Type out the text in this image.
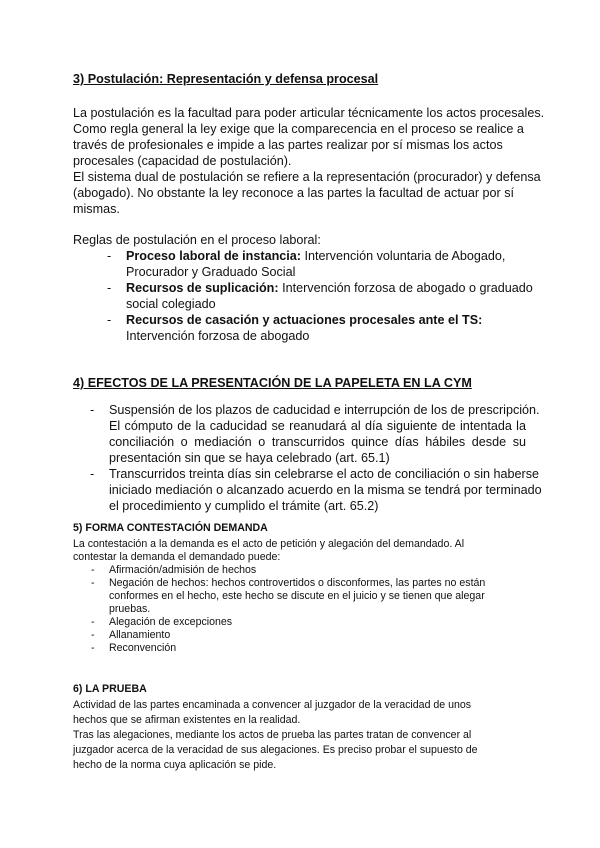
3) Postulación: Representación y defensa procesal
La postulación es la facultad para poder articular técnicamente los actos procesales.
Como regla general la ley exige que la comparecencia en el proceso se realice a
través de profesionales e impide a las partes realizar por sí mismas los actos
procesales (capacidad de postulación).
El sistema dual de postulación se refiere a la representación (procurador) y defensa
(abogado). No obstante la ley reconoce a las partes la facultad de actuar por sí
mismas.
Reglas de postulación en el proceso laboral:
- Proceso laboral de instancia: Intervención voluntaria de Abogado,
Procurador y Graduado Social
- Recursos de suplicación: Intervención forzosa de abogado o graduado
social colegiado
- Recursos de casación y actuaciones procesales ante el TS:
Intervención forzosa de abogado
4) EFECTOS DE LA PRESENTACIÓN DE LA PAPELETA EN LA CYM
- Suspensión de los plazos de caducidad e interrupción de los de prescripción.
El cómputo de la caducidad se reanudará al día siguiente de intentada la
conciliación o mediación o transcurridos quince días hábiles desde su
presentación sin que se haya celebrado (art. 65.1)
- Transcurridos treinta días sin celebrarse el acto de conciliación o sin haberse
iniciado mediación o alcanzado acuerdo en la misma se tendrá por terminado
el procedimiento y cumplido el trámite (art. 65.2)
5) FORMA CONTESTACIÓN DEMANDA
La contestación a la demanda es el acto de petición y alegación del demandado. Al
contestar la demanda el demandado puede:
- Afirmación/admisión de hechos
- Negación de hechos: hechos controvertidos o disconformes, las partes no están
conformes en el hecho, este hecho se discute en el juicio y se tienen que alegar
pruebas.
- Alegación de excepciones
- Allanamiento
- Reconvención
6) LA PRUEBA
Actividad de las partes encaminada a convencer al juzgador de la veracidad de unos
hechos que se afirman existentes en la realidad.
Tras las alegaciones, mediante los actos de prueba las partes tratan de convencer al
juzgador acerca de la veracidad de sus alegaciones. Es preciso probar el supuesto de
hecho de la norma cuya aplicación se pide.
